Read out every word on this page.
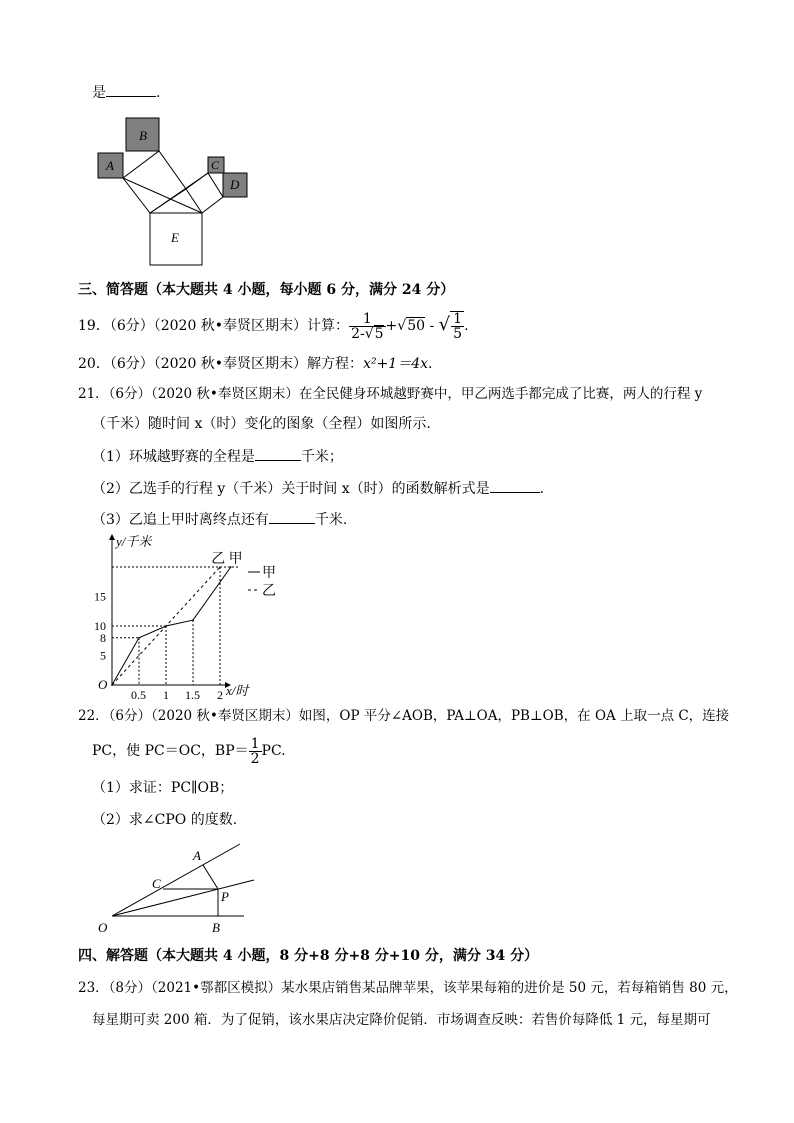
是	.
B
A	C
D
E
三、简答题（本大题共 4 小题，每小题 6 分，满分 24 分）
19．（6分）（2020 秋•奉贤区期末）计算： $\frac{1}{2-√5} +√50$ - √ $\frac{1}{5}$ .
20．（6分）（2020 秋•奉贤区期末）解方程：x²+1＝4x.
21．（6分）（2020 秋•奉贤区期末）在全民健身环城越野赛中，甲乙两选手都完成了比赛，两人的行程 y
（千米）随时间 x（时）变化的图象（全程）如图所示.
（1）环城越野赛的全程是	千米；
（2）乙选手的行程 y（千米）关于时间 x（时）的函数解析式是	.
（3）乙追上甲时离终点还有	千米.
x/时
y/千米
O
0.5 1 1.5 2
5
8
10
15
乙 甲
甲
乙
22．（6分）（2020 秋•奉贤区期末）如图，OP 平分∠AOB，PA⊥OA，PB⊥OB，在 OA 上取一点 C，连接
PC，使 PC＝OC，$BP= \frac{1}{2}$ PC.
（1）求证：PC∥OB；
（2）求∠CPO 的度数.
A
C
P
O	B
四、解答题（本大题共 4 小题，8 分+8 分+8 分+10 分，满分 34 分）
23．（8分）（2021•鄠都区模拟）某水果店销售某品牌苹果，该苹果每箱的进价是 50 元，若每箱销售 80 元，
每星期可卖 200 箱．为了促销，该水果店决定降价促销．市场调查反映：若售价每降低 1 元，每星期可
